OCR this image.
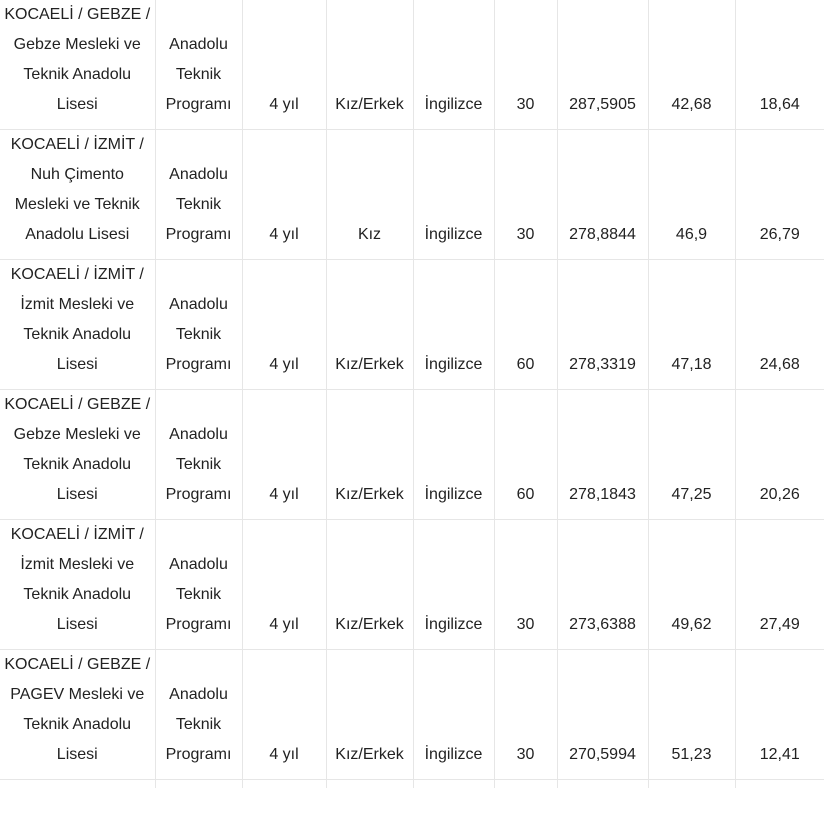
KOCAELİ / GEBZE / Gebze Mesleki ve Teknik Anadolu Lisesi	Anadolu Teknik Programı	4 yıl	Kız/Erkek	İngilizce	30	287,5905	42,68	18,64

KOCAELİ / İZMİT / Nuh Çimento Mesleki ve Teknik Anadolu Lisesi	Anadolu Teknik Programı	4 yıl	Kız	İngilizce	30	278,8844	46,9	26,79

KOCAELİ / İZMİT / İzmit Mesleki ve Teknik Anadolu Lisesi	Anadolu Teknik Programı	4 yıl	Kız/Erkek	İngilizce	60	278,3319	47,18	24,68

KOCAELİ / GEBZE / Gebze Mesleki ve Teknik Anadolu Lisesi	Anadolu Teknik Programı	4 yıl	Kız/Erkek	İngilizce	60	278,1843	47,25	20,26

KOCAELİ / İZMİT / İzmit Mesleki ve Teknik Anadolu Lisesi	Anadolu Teknik Programı	4 yıl	Kız/Erkek	İngilizce	30	273,6388	49,62	27,49

KOCAELİ / GEBZE / PAGEV Mesleki ve Teknik Anadolu Lisesi	Anadolu Teknik Programı	4 yıl	Kız/Erkek	İngilizce	30	270,5994	51,23	12,41
